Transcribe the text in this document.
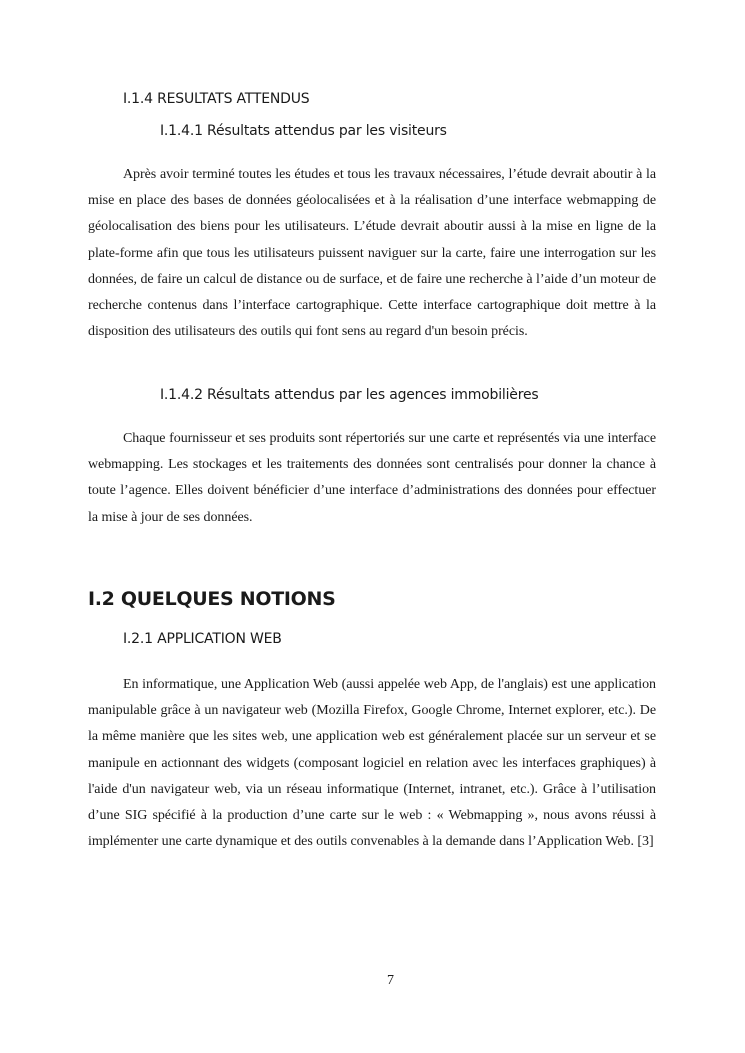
I.1.4 RESULTATS ATTENDUS
I.1.4.1 Résultats attendus par les visiteurs

Après avoir terminé toutes les études et tous les travaux nécessaires, l’étude devrait aboutir à la mise en place des bases de données géolocalisées et à la réalisation d’une interface webmapping de géolocalisation des biens pour les utilisateurs. L’étude devrait aboutir aussi à la mise en ligne de la plate-forme afin que tous les utilisateurs puissent naviguer sur la carte, faire une interrogation sur les données, de faire un calcul de distance ou de surface, et de faire une recherche à l’aide d’un moteur de recherche contenus dans l’interface cartographique. Cette interface cartographique doit mettre à la disposition des utilisateurs des outils qui font sens au regard d'un besoin précis.

I.1.4.2 Résultats attendus par les agences immobilières

Chaque fournisseur et ses produits sont répertoriés sur une carte et représentés via une interface webmapping. Les stockages et les traitements des données sont centralisés pour donner la chance à toute l’agence. Elles doivent bénéficier d’une interface d’administrations des données pour effectuer la mise à jour de ses données.

I.2 QUELQUES NOTIONS
I.2.1 APPLICATION WEB

En informatique, une Application Web (aussi appelée web App, de l'anglais) est une application manipulable grâce à un navigateur web (Mozilla Firefox, Google Chrome, Internet explorer, etc.). De la même manière que les sites web, une application web est généralement placée sur un serveur et se manipule en actionnant des widgets (composant logiciel en relation avec les interfaces graphiques) à l'aide d'un navigateur web, via un réseau informatique (Internet, intranet, etc.). Grâce à l’utilisation d’une SIG spécifié à la production d’une carte sur le web : « Webmapping », nous avons réussi à implémenter une carte dynamique et des outils convenables à la demande dans l’Application Web. [3]

7
